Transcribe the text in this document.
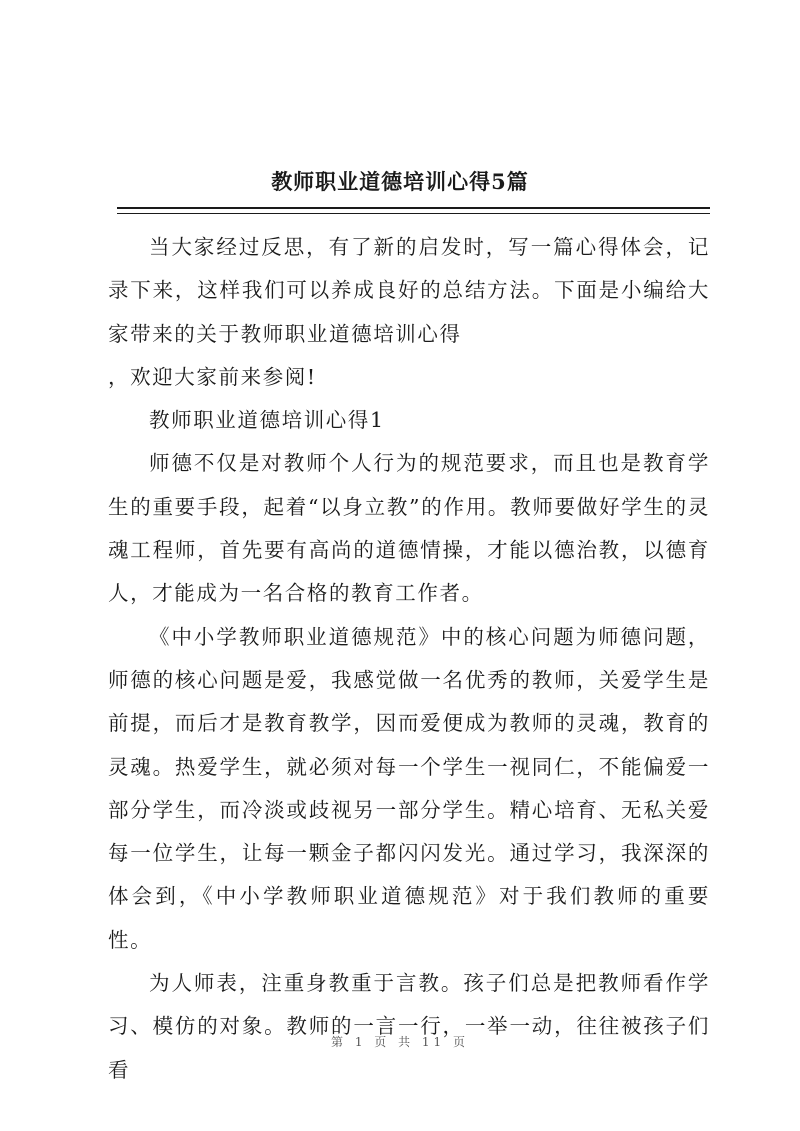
教师职业道德培训心得5篇

当大家经过反思，有了新的启发时，写一篇心得体会，记录下来，这样我们可以养成良好的总结方法。下面是小编给大家带来的关于教师职业道德培训心得

，欢迎大家前来参阅!

教师职业道德培训心得1

师德不仅是对教师个人行为的规范要求，而且也是教育学生的重要手段，起着“以身立教”的作用。教师要做好学生的灵魂工程师，首先要有高尚的道德情操，才能以德治教，以德育人，才能成为一名合格的教育工作者。

《中小学教师职业道德规范》中的核心问题为师德问题，师德的核心问题是爱，我感觉做一名优秀的教师，关爱学生是前提，而后才是教育教学，因而爱便成为教师的灵魂，教育的灵魂。热爱学生，就必须对每一个学生一视同仁，不能偏爱一部分学生，而冷淡或歧视另一部分学生。精心培育、无私关爱每一位学生，让每一颗金子都闪闪发光。通过学习，我深深的体会到，《中小学教师职业道德规范》对于我们教师的重要性。

为人师表，注重身教重于言教。孩子们总是把教师看作学习、模仿的对象。教师的一言一行，一举一动，往往被孩子们看

第 1 页 共 11 页
